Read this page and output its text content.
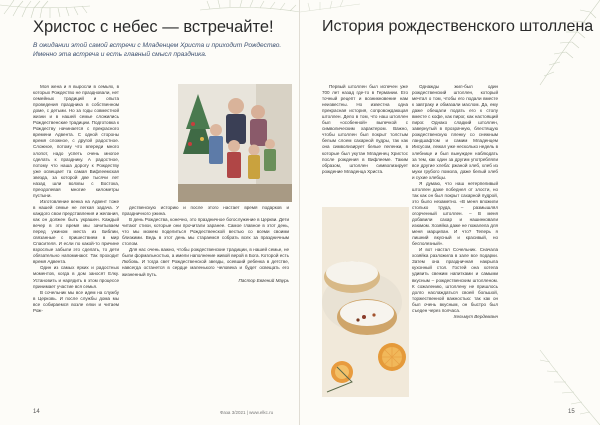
Христос с небес — встречайте!
В ожидании этой самой встречи с Младенцем Христа и приходит Рождество. Именно эта встреча и есть главный смысл праздника.

Моя жена и я выросли в семьях, в которых Рождество не праздновали, нет семейных традиций и опыта проведения праздника в собственном доме, с детьми. Но за годы совместной жизни и в нашей семье сложились Рождественские традиции. Подготовка к Рождеству начинается с прекрасного времени Адвента. С одной стороны время сложное, с другой радостное. Сложное, потому что впереди много хлопот, надо успеть очень многое сделать к празднику. А радостное, потому что наша дорогу к Рождеству уже освещает та самая Вифлеемская звезда, за которой две тысячи лет назад шли волхвы с Востока, преодолевая многие километры пустыни.

Изготовление венка на Адвент тоже в нашей семье не легкая задача. У каждого свои представления и желания, как он должен быть украшен. Каждый вечер в это время мы зачитываем перед ужином места из Библии, связанные с пришествием в мир Спасителя. И если по какой-то причине взрослые забыли это сделать, то дети обязательно напоминают. Так проходит время Адвента.

Один из самых ярких и радостных моментов, когда в дом заносят Елку. Установить и нарядить в этом процессе принимает участие вся семья.

В сочельник мы все идем на службу в Церковь. И после службы дома мы все собираемся возле елки и читаем Рож-

дественскую историю и после этого настает время подарков и праздничного ужина.

В день Рождества, конечно, это праздничное богослужение в Церкви. Дети читают стихи, которые они прочитали заранее. Самое главное в этот день, что мы можем поделиться Рождественской вестью со всеми своими близкими. Ведь в этот день мы стараемся собрать всех за праздничным столом.

Для нас очень важно, чтобы рождественские традиции, в нашей семье, не были формальностью, а имели наполнение живой верой в Бога. Которой есть Любовь. И тогда свет Рождественской звезды, осевший ребенка в детстве, навсегда останется в сердце маленького человека и будет освещать его жизненный путь.

Пастор Евгений Маурь

14	Фаза 3/2021 | www.elkc.ru
История рождественского штоллена

Первый штоллен был испечен уже 700 лет назад где-то в Германии. Его точный рецепт и возникновение нам неизвестны. Но известна одна прекрасная история, сопровождающая штоллен. Дело в том, что наш штоллен был «особенной» выпечкой с символическим характером. Важно, чтобы штоллен был покрыт толстым белым слоем сахарной пудры, так как она символизирует белые пеленки, в которые был укутан Младенец Христос после рождения в Вифлееме. Таким образом, штоллен символизирует рождение Младенца Христа.

Однажды жил-был один рождественский штоллен, который мечтал о том, чтобы его подали вместе к завтраку и обмазали маслом. Да, ему даже обещали подать его к столу вместе с кофе, как пирог, как настоящий пирог. Однако сладкий штоллен, завернутый в прозрачную, блестящую рождественскую пленку со снежным ландшафтом и самим Младенцем Иисусом, лежал уже несколько недель в хлебнице и был вынужден наблюдать за тем, как один за другим употребляли все другие хлеба: ржаной хлеб, хлеб из муки грубого помола, даже белый хлеб и сухие хлебцы.

Я думаю, что наш нетерпеливый штоллен даже победнел от злости, но так как он был покрыт сахарной пудрой, это было незаметно. «В меня вложили столько труда, – размышлял огорченный штоллен. – В меня добавили сахар и нашинковали изюмом. Хозяйка даже не пожалела для меня марципан. И что? Теперь я лишний вкусный и красивый, но бесполезный».

И вот настал Сочельник. Сначала хозяйка разложила в зале все подарки. Затем она праздничная накрыла кухонный стол. Гостей она хотела удивить свежим напитками и самыми вкусным – рождественским штолленом. К сожалению, штоллену не пришлось долго наслаждаться своей большой, торжественной важностью: так как он был очень вкусным, он быстро был съеден через полчаса.

Хельмут Вердеманн

15
